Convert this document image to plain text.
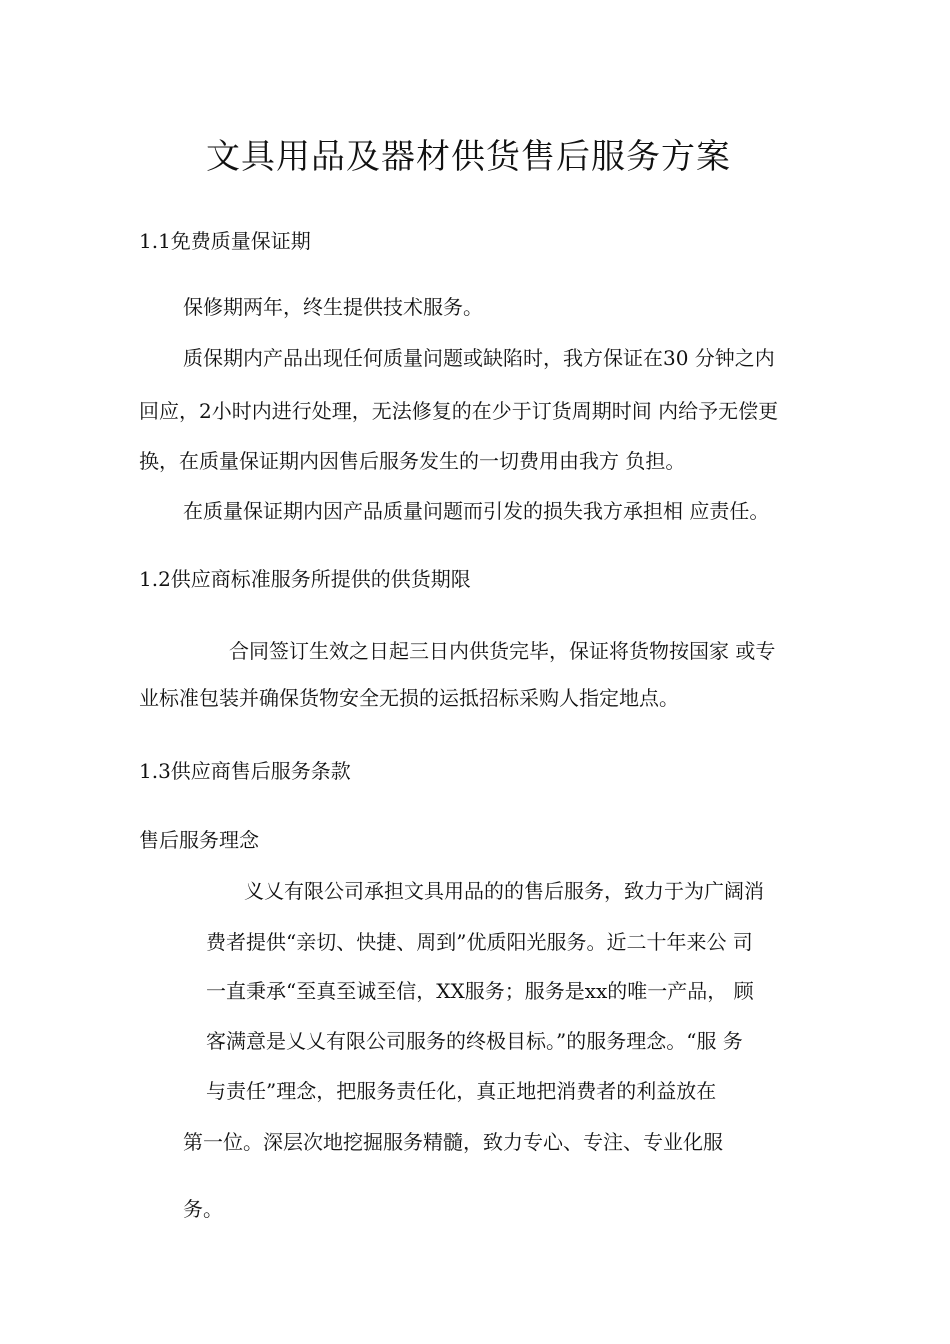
文具用品及器材供货售后服务方案
1.1免费质量保证期
保修期两年，终生提供技术服务。
质保期内产品出现任何质量问题或缺陷时，我方保证在30 分钟之内
回应，2小时内进行处理，无法修复的在少于订货周期时间 内给予无偿更
换，在质量保证期内因售后服务发生的一切费用由我方 负担。
在质量保证期内因产品质量问题而引发的损失我方承担相 应责任。
1.2供应商标准服务所提供的供货期限
合同签订生效之日起三日内供货完毕，保证将货物按国家 或专
业标准包装并确保货物安全无损的运抵招标采购人指定地点。
1.3供应商售后服务条款
售后服务理念
义乂有限公司承担文具用品的的售后服务，致力于为广阔消
费者提供“亲切、快捷、周到”优质阳光服务。近二十年来公 司
一直秉承“至真至诚至信，XX服务；服务是xx的唯一产品， 顾
客满意是乂乂有限公司服务的终极目标。”的服务理念。“服 务
与责任”理念，把服务责任化，真正地把消费者的利益放在
第一位。深层次地挖掘服务精髓，致力专心、专注、专业化服
务。
